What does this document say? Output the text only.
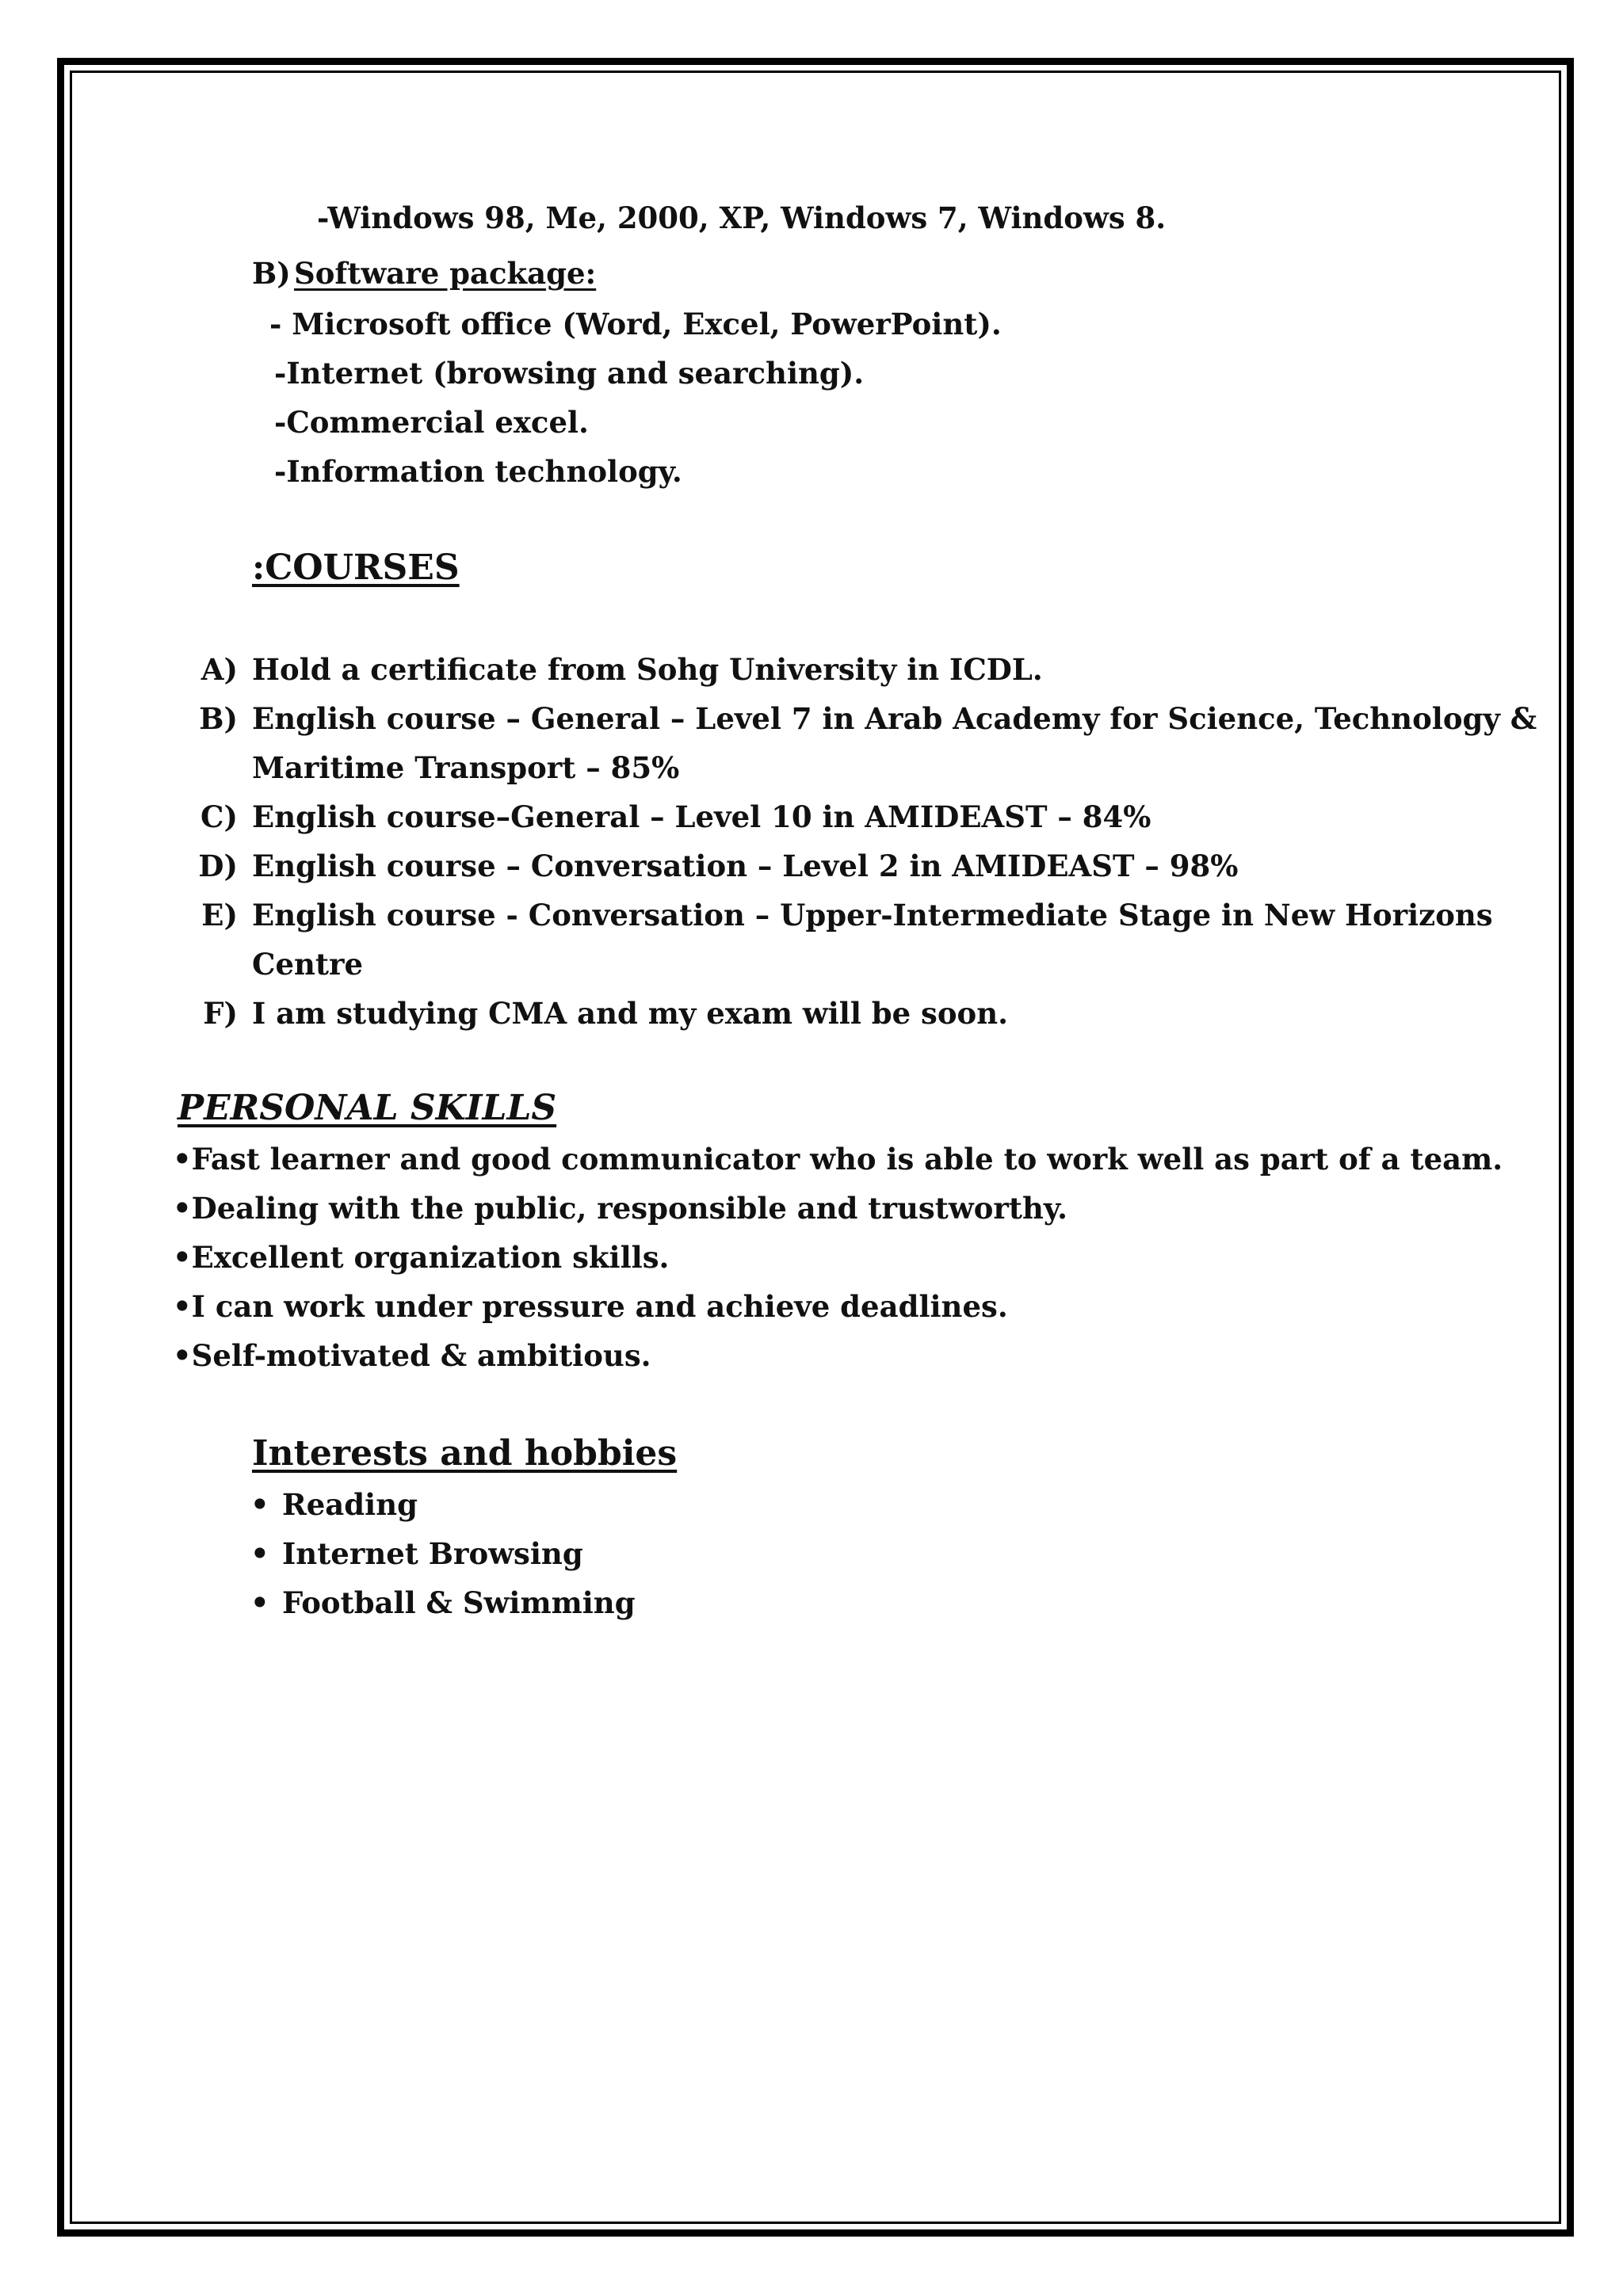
-Windows 98, Me, 2000, XP, Windows 7, Windows 8.

B) Software package:

- Microsoft office (Word, Excel, PowerPoint).

-Internet (browsing and searching).

-Commercial excel.

-Information technology.

:COURSES

A) Hold a certificate from Sohg University in ICDL.

B) English course – General – Level 7 in Arab Academy for Science, Technology &

Maritime Transport – 85%

C) English course–General – Level 10 in AMIDEAST – 84%

D) English course – Conversation – Level 2 in AMIDEAST – 98%

E) English course - Conversation – Upper-Intermediate Stage in New Horizons

Centre

F) I am studying CMA and my exam will be soon.

PERSONAL SKILLS

•Fast learner and good communicator who is able to work well as part of a team.

•Dealing with the public, responsible and trustworthy.

•Excellent organization skills.

•I can work under pressure and achieve deadlines.

•Self-motivated & ambitious.

Interests and hobbies

• Reading

• Internet Browsing

• Football & Swimming
